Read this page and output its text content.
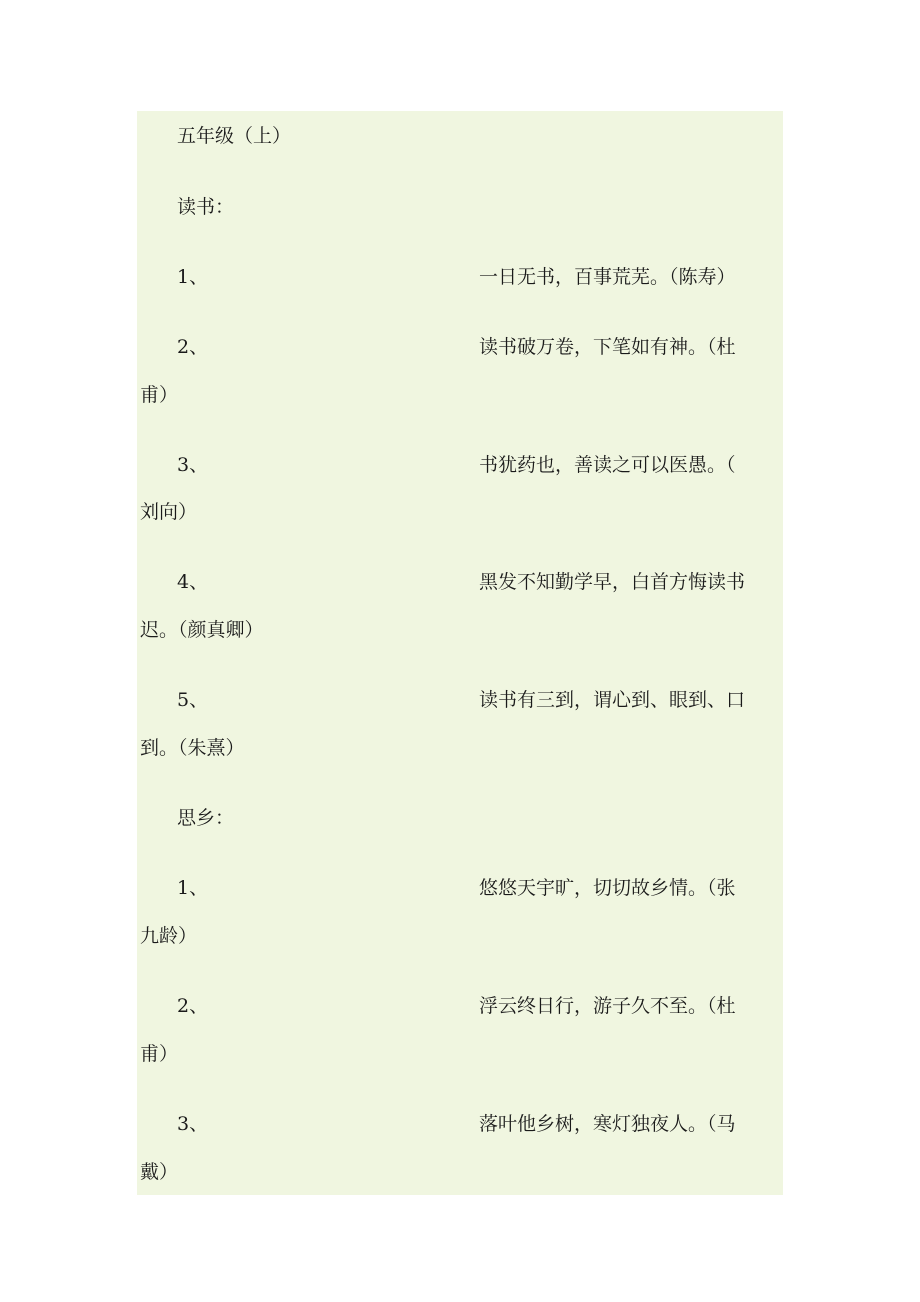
五年级（上）
读书：
1、	一日无书，百事荒芜。（陈寿）
2、	读书破万卷，下笔如有神。（杜
甫）
3、	书犹药也，善读之可以医愚。（
刘向）
4、	黑发不知勤学早，白首方悔读书
迟。（颜真卿）
5、	读书有三到，谓心到、眼到、口
到。（朱熹）
思乡：
1、	悠悠天宇旷，切切故乡情。（张
九龄）
2、	浮云终日行，游子久不至。（杜
甫）
3、	落叶他乡树，寒灯独夜人。（马
戴）
